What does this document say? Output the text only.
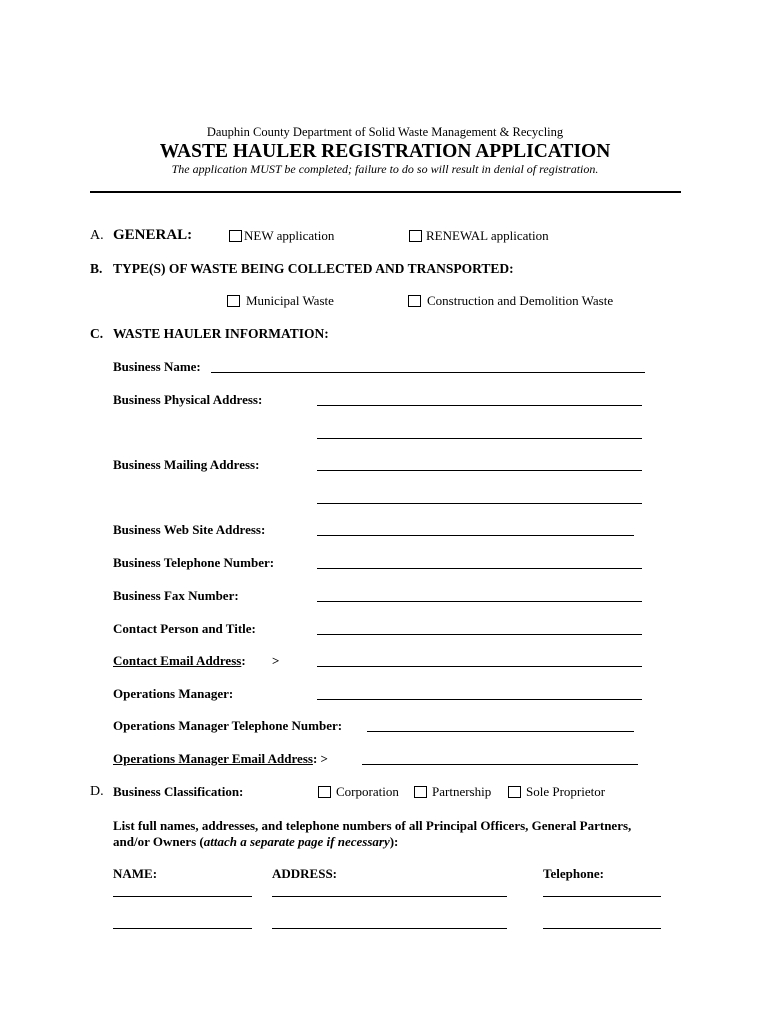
Dauphin County Department of Solid Waste Management & Recycling
WASTE HAULER REGISTRATION APPLICATION
The application MUST be completed; failure to do so will result in denial of registration.
A. GENERAL:	NEW application	RENEWAL application
B. TYPE(S) OF WASTE BEING COLLECTED AND TRANSPORTED:
Municipal Waste	Construction and Demolition Waste
C. WASTE HAULER INFORMATION:
Business Name:
Business Physical Address:
Business Mailing Address:
Business Web Site Address:
Business Telephone Number:
Business Fax Number:
Contact Person and Title:
Contact Email Address: >
Operations Manager:
Operations Manager Telephone Number:
Operations Manager Email Address: >
D. Business Classification:	Corporation	Partnership	Sole Proprietor
List full names, addresses, and telephone numbers of all Principal Officers, General Partners,
and/or Owners (attach a separate page if necessary):
NAME:	ADDRESS:	Telephone:
